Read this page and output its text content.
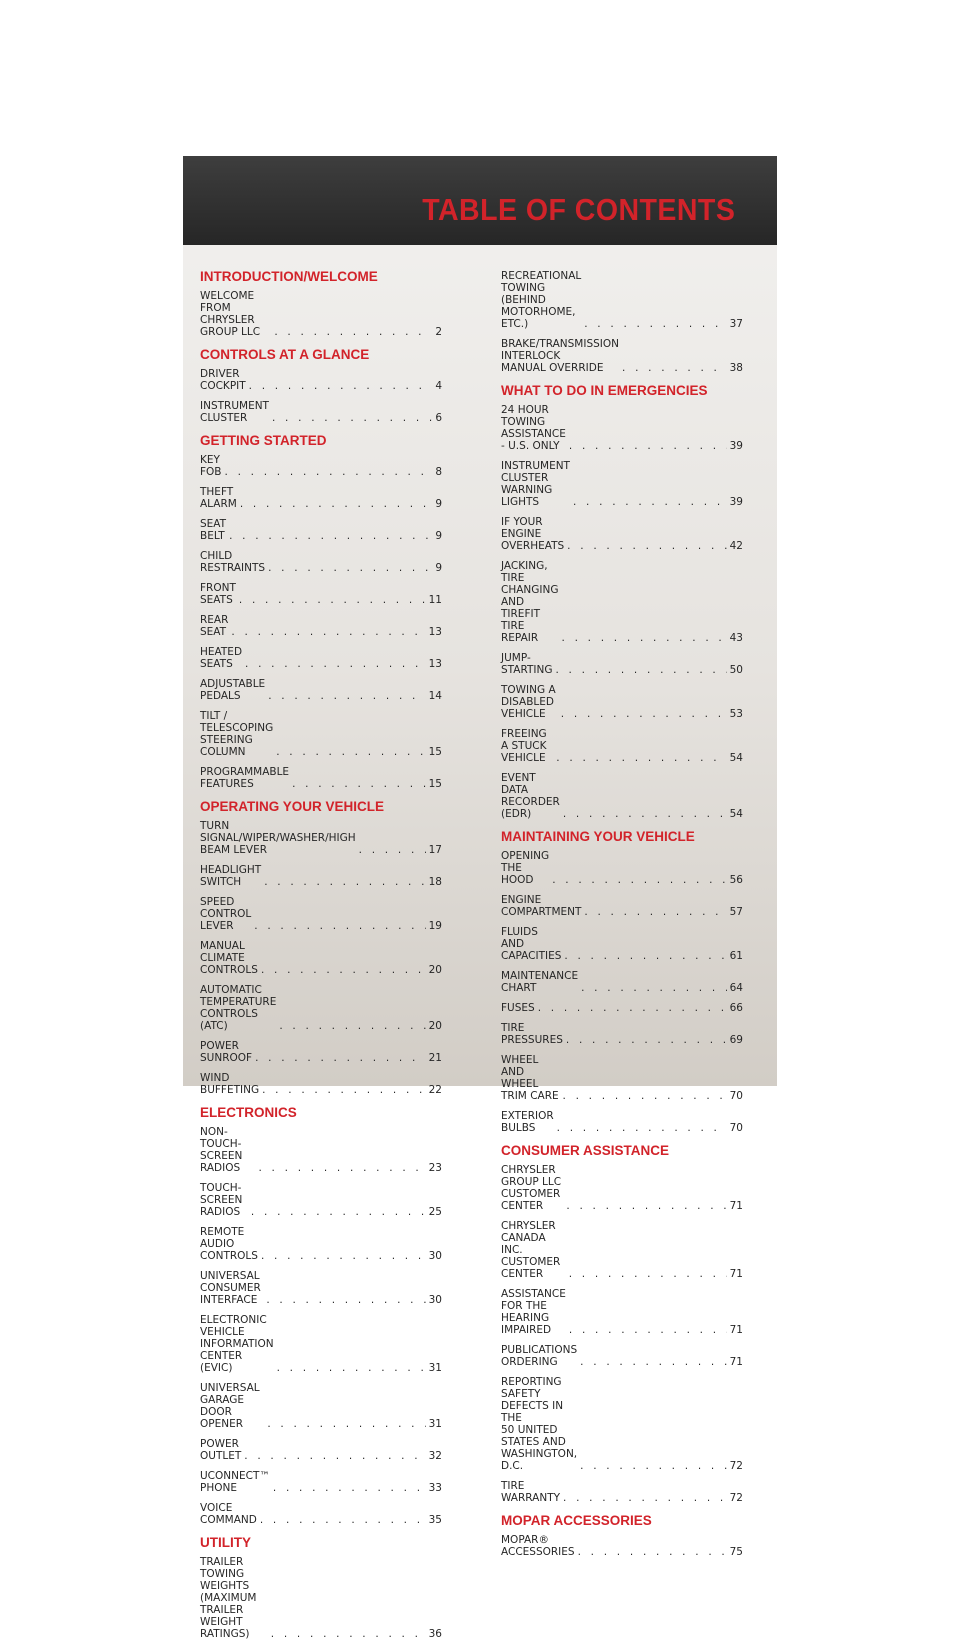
TABLE OF CONTENTS
INTRODUCTION/WELCOME
WELCOME FROM CHRYSLER GROUP LLC . . .	2
CONTROLS AT A GLANCE
DRIVER COCKPIT . . .	4
INSTRUMENT CLUSTER . . .	6
GETTING STARTED
KEY FOB . . .	8
THEFT ALARM . . .	9
SEAT BELT . . .	9
CHILD RESTRAINTS . . .	9
FRONT SEATS . . .	11
REAR SEAT . . .	13
HEATED SEATS . . .	13
ADJUSTABLE PEDALS . . .	14
TILT / TELESCOPING STEERING COLUMN . . .	15
PROGRAMMABLE FEATURES . . .	15
OPERATING YOUR VEHICLE
TURN SIGNAL/WIPER/WASHER/HIGH
BEAM LEVER . . .	17
HEADLIGHT SWITCH . . .	18
SPEED CONTROL LEVER . . .	19
MANUAL CLIMATE CONTROLS . . .	20
AUTOMATIC TEMPERATURE
CONTROLS (ATC) . . .	20
POWER SUNROOF . . .	21
WIND BUFFETING . . .	22
ELECTRONICS
NON-TOUCH-SCREEN RADIOS . . .	23
TOUCH-SCREEN RADIOS . . .	25
REMOTE AUDIO CONTROLS . . .	30
UNIVERSAL CONSUMER INTERFACE . . .	30
ELECTRONIC VEHICLE INFORMATION
CENTER (EVIC) . . .	31
UNIVERSAL GARAGE DOOR OPENER . . .	31
POWER OUTLET . . .	32
UCONNECT™ PHONE . . .	33
VOICE COMMAND . . .	35
UTILITY
TRAILER TOWING WEIGHTS (MAXIMUM
TRAILER WEIGHT RATINGS) . . .	36
RECREATIONAL TOWING (BEHIND
MOTORHOME, ETC.) . . .	37
BRAKE/TRANSMISSION INTERLOCK
MANUAL OVERRIDE . . .	38
WHAT TO DO IN EMERGENCIES
24 HOUR TOWING ASSISTANCE
- U.S. ONLY . . .	39
INSTRUMENT CLUSTER WARNING
LIGHTS . . .	39
IF YOUR ENGINE OVERHEATS . . .	42
JACKING, TIRE CHANGING AND
TIREFIT TIRE REPAIR . . .	43
JUMP-STARTING . . .	50
TOWING A DISABLED VEHICLE . . .	53
FREEING A STUCK VEHICLE . . .	54
EVENT DATA RECORDER (EDR) . . .	54
MAINTAINING YOUR VEHICLE
OPENING THE HOOD . . .	56
ENGINE COMPARTMENT . . .	57
FLUIDS AND CAPACITIES . . .	61
MAINTENANCE CHART . . .	64
FUSES . . .	66
TIRE PRESSURES . . .	69
WHEEL AND WHEEL TRIM CARE . . .	70
EXTERIOR BULBS . . .	70
CONSUMER ASSISTANCE
CHRYSLER GROUP LLC CUSTOMER
CENTER . . .	71
CHRYSLER CANADA INC. CUSTOMER
CENTER . . .	71
ASSISTANCE FOR THE HEARING
IMPAIRED . . .	71
PUBLICATIONS ORDERING . . .	71
REPORTING SAFETY DEFECTS IN THE
50 UNITED STATES AND
WASHINGTON, D.C. . . .	72
TIRE WARRANTY . . .	72
MOPAR ACCESSORIES
MOPAR® ACCESSORIES . . .	75
